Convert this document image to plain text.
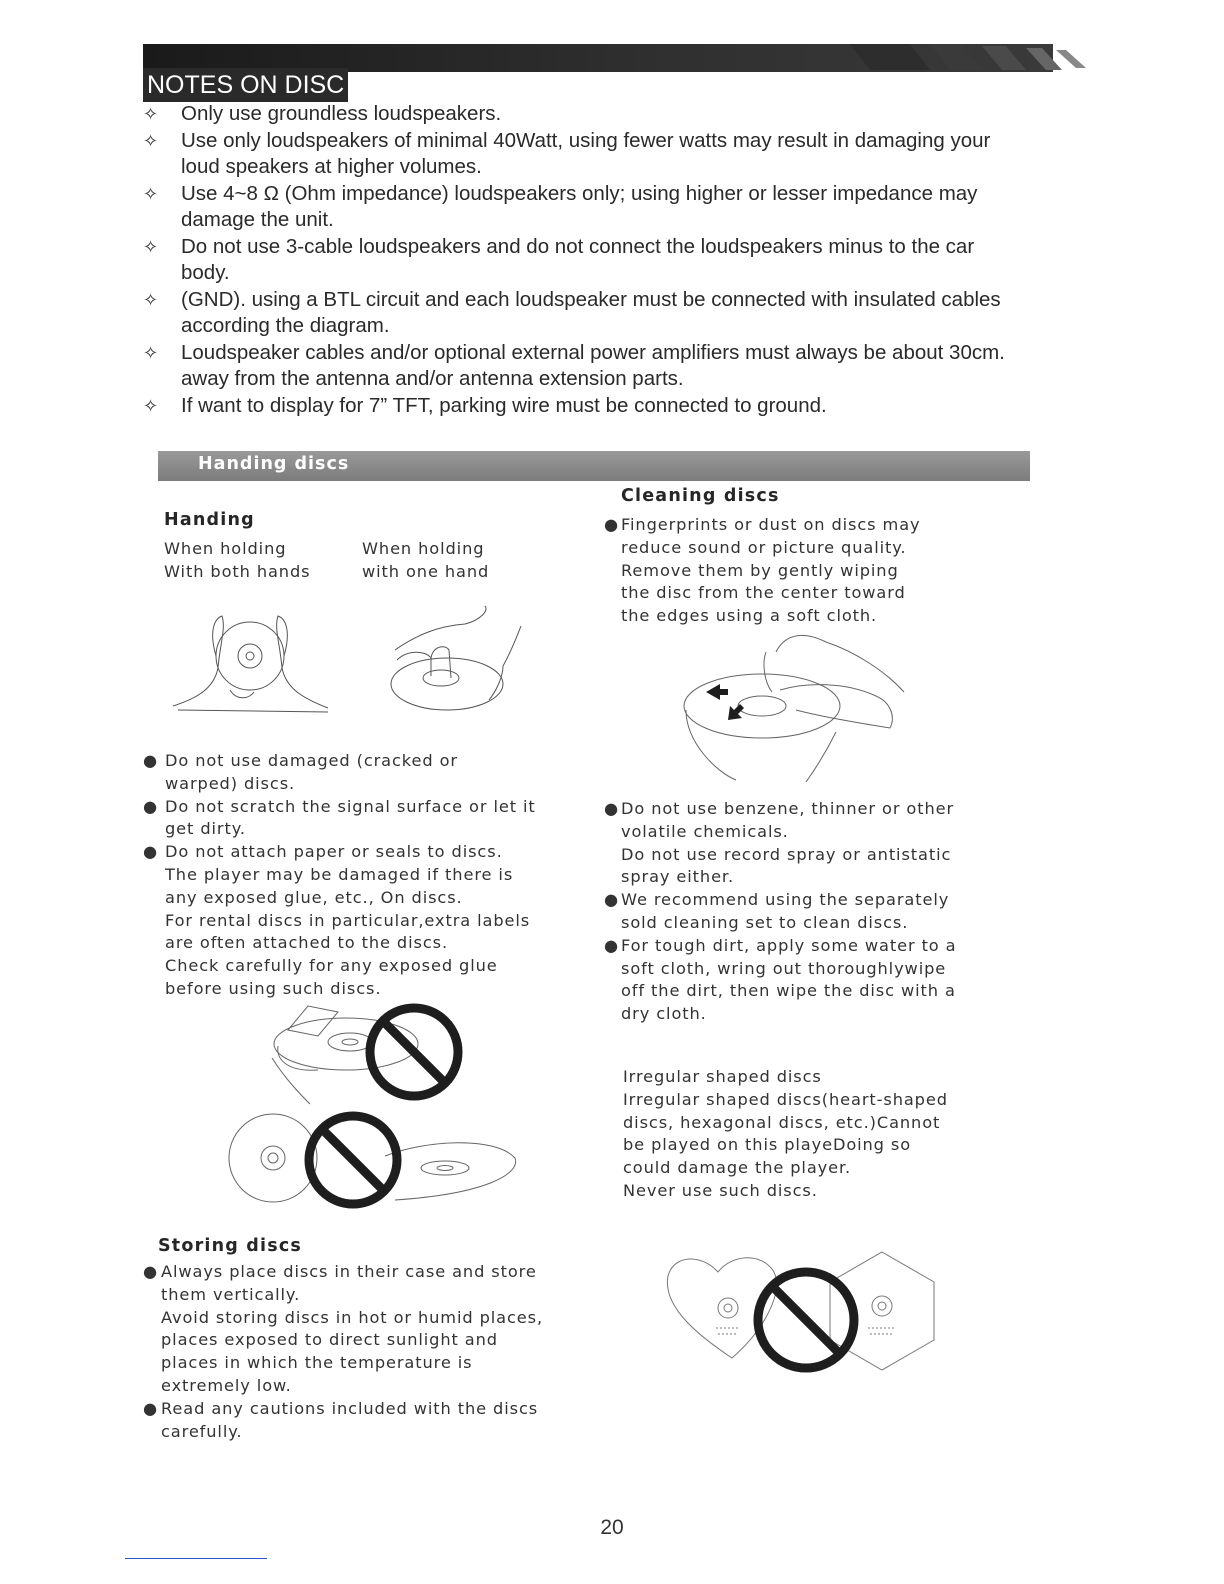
NOTES ON DISC
✧ Only use groundless loudspeakers.
✧ Use only loudspeakers of minimal 40Watt, using fewer watts may result in damaging your
loud speakers at higher volumes.
✧ Use 4~8 Ω (Ohm impedance) loudspeakers only; using higher or lesser impedance may
damage the unit.
✧ Do not use 3-cable loudspeakers and do not connect the loudspeakers minus to the car
body.
✧ (GND). using a BTL circuit and each loudspeaker must be connected with insulated cables
according the diagram.
✧ Loudspeaker cables and/or optional external power amplifiers must always be about 30cm.
away from the antenna and/or antenna extension parts.
✧ If want to display for 7” TFT, parking wire must be connected to ground.
Handing discs
Handing
When holding
With both hands
When holding
with one hand
● Do not use damaged (cracked or
warped) discs.
● Do not scratch the signal surface or let it
get dirty.
● Do not attach paper or seals to discs.
The player may be damaged if there is
any exposed glue, etc., On discs.
For rental discs in particular,extra labels
are often attached to the discs.
Check carefully for any exposed glue
before using such discs.
Storing discs
● Always place discs in their case and store
them vertically.
Avoid storing discs in hot or humid places,
places exposed to direct sunlight and
places in which the temperature is
extremely low.
● Read any cautions included with the discs
carefully.
Cleaning discs
● Fingerprints or dust on discs may
reduce sound or picture quality.
Remove them by gently wiping
the disc from the center toward
the edges using a soft cloth.
● Do not use benzene, thinner or other
volatile chemicals.
Do not use record spray or antistatic
spray either.
● We recommend using the separately
sold cleaning set to clean discs.
● For tough dirt, apply some water to a
soft cloth, wring out thoroughlywipe
off the dirt, then wipe the disc with a
dry cloth.
Irregular shaped discs
Irregular shaped discs(heart-shaped
discs, hexagonal discs, etc.)Cannot
be played on this playeDoing so
could damage the player.
Never use such discs.
20
